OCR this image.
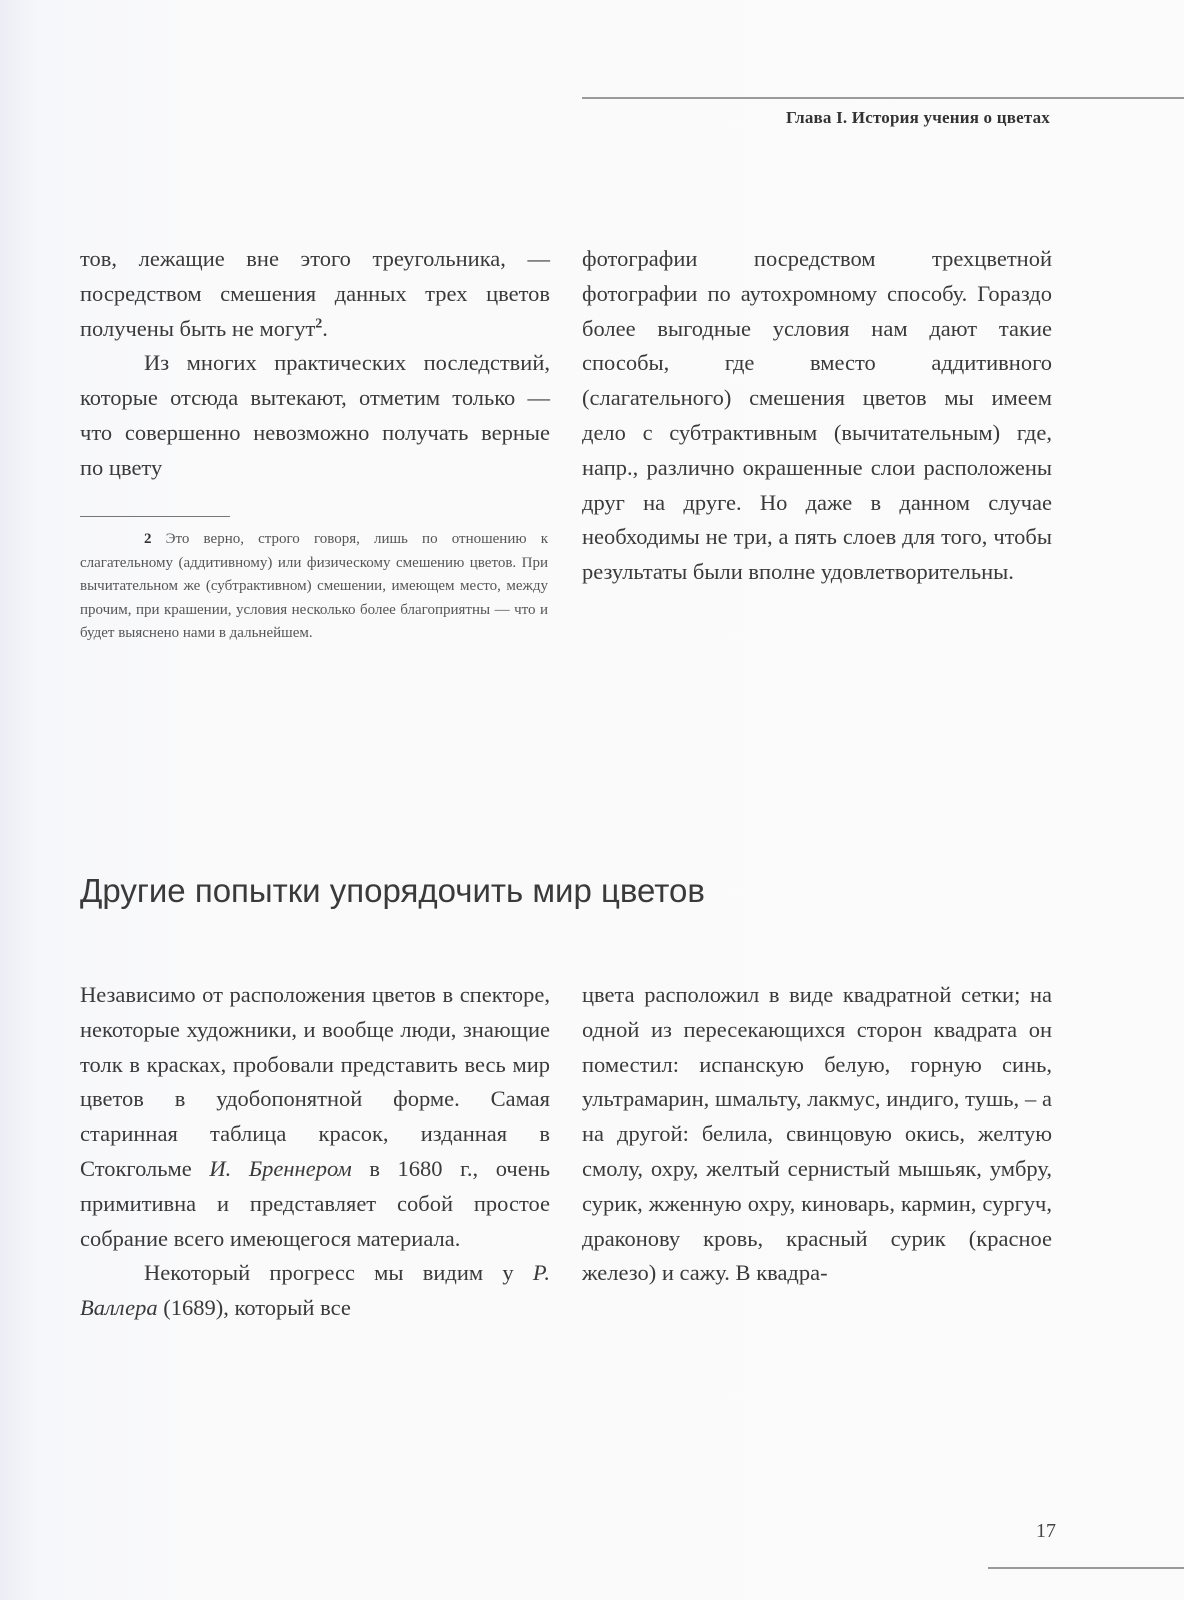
Глава I. История учения о цветах

тов, лежащие вне этого треугольника, — посредством смешения данных трех цветов получены быть не могут$^2$.

Из многих практических последствий, которые отсюда вытекают, отметим только — что совершенно невозможно получать верные по цвету

фотографии посредством трехцветной фотографии по аутохромному способу. Гораздо более выгодные условия нам дают такие способы, где вместо аддитивного (слагательного) смешения цветов мы имеем дело с субтрактивным (вычитательным) где, напр., различно окрашенные слои расположены друг на друге. Но даже в данном случае необходимы не три, а пять слоев для того, чтобы результаты были вполне удовлетворительны.

2 Это верно, строго говоря, лишь по отношению к слагательному (аддитивному) или физическому смешению цветов. При вычитательном же (субтрактивном) смешении, имеющем место, между прочим, при крашении, условия несколько более благоприятны — что и будет выяснено нами в дальнейшем.
Другие попытки упорядочить мир цветов

Независимо от расположения цветов в спекторе, некоторые художники, и вообще люди, знающие толк в красках, пробовали представить весь мир цветов в удобопонятной форме. Самая старинная таблица красок, изданная в Стокгольме И. Бреннером в 1680 г., очень примитивна и представляет собой простое собрание всего имеющегося материала.

Некоторый прогресс мы видим у Р. Валлера (1689), который все

цвета расположил в виде квадратной сетки; на одной из пересекающихся сторон квадрата он поместил: испанскую белую, горную синь, ультрамарин, шмальту, лакмус, индиго, тушь, – а на другой: белила, свинцовую окись, желтую смолу, охру, желтый сернистый мышьяк, умбру, сурик, жженную охру, киноварь, кармин, сургуч, драконову кровь, красный сурик (красное железо) и сажу. В квадра-

17
